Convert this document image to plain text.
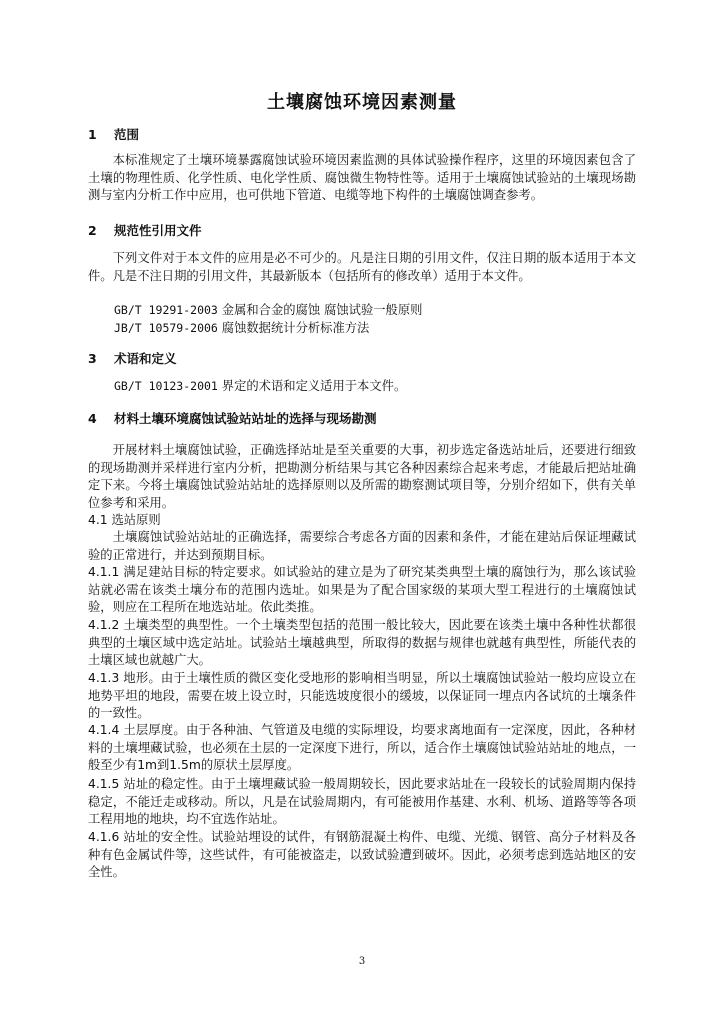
土壤腐蚀环境因素测量
1 范围
本标准规定了土壤环境暴露腐蚀试验环境因素监测的具体试验操作程序，这里的环境因素包含了土壤的物理性质、化学性质、电化学性质、腐蚀微生物特性等。适用于土壤腐蚀试验站的土壤现场勘测与室内分析工作中应用，也可供地下管道、电缆等地下构件的土壤腐蚀调查参考。
2 规范性引用文件
下列文件对于本文件的应用是必不可少的。凡是注日期的引用文件，仅注日期的版本适用于本文件。凡是不注日期的引用文件，其最新版本（包括所有的修改单）适用于本文件。
GB/T 19291-2003 金属和合金的腐蚀 腐蚀试验一般原则
JB/T 10579-2006 腐蚀数据统计分析标准方法
3 术语和定义
GB/T 10123-2001 界定的术语和定义适用于本文件。
4 材料土壤环境腐蚀试验站站址的选择与现场勘测
开展材料土壤腐蚀试验，正确选择站址是至关重要的大事，初步选定备选站址后，还要进行细致的现场勘测并采样进行室内分析，把勘测分析结果与其它各种因素综合起来考虑，才能最后把站址确定下来。今将土壤腐蚀试验站站址的选择原则以及所需的勘察测试项目等，分别介绍如下，供有关单位参考和采用。
4.1 选站原则
土壤腐蚀试验站站址的正确选择，需要综合考虑各方面的因素和条件，才能在建站后保证埋藏试验的正常进行，并达到预期目标。
4.1.1 满足建站目标的特定要求。如试验站的建立是为了研究某类典型土壤的腐蚀行为，那么该试验站就必需在该类土壤分布的范围内选址。如果是为了配合国家级的某项大型工程进行的土壤腐蚀试验，则应在工程所在地选站址。依此类推。
4.1.2 土壤类型的典型性。一个土壤类型包括的范围一般比较大，因此要在该类土壤中各种性状都很典型的土壤区域中选定站址。试验站土壤越典型，所取得的数据与规律也就越有典型性，所能代表的土壤区域也就越广大。
4.1.3 地形。由于土壤性质的微区变化受地形的影响相当明显，所以土壤腐蚀试验站一般均应设立在地势平坦的地段，需要在坡上设立时，只能选坡度很小的缓坡，以保证同一埋点内各试坑的土壤条件的一致性。
4.1.4 土层厚度。由于各种油、气管道及电缆的实际埋设，均要求离地面有一定深度，因此，各种材料的土壤埋藏试验，也必须在土层的一定深度下进行，所以，适合作土壤腐蚀试验站站址的地点，一般至少有1m到1.5m的原状土层厚度。
4.1.5 站址的稳定性。由于土壤埋藏试验一般周期较长，因此要求站址在一段较长的试验周期内保持稳定，不能迁走或移动。所以，凡是在试验周期内，有可能被用作基建、水利、机场、道路等等各项工程用地的地块，均不宜选作站址。
4.1.6 站址的安全性。试验站埋设的试件，有钢筋混凝土构件、电缆、光缆、钢管、高分子材料及各种有色金属试件等，这些试件，有可能被盗走，以致试验遭到破坏。因此，必须考虑到选站地区的安全性。
3
